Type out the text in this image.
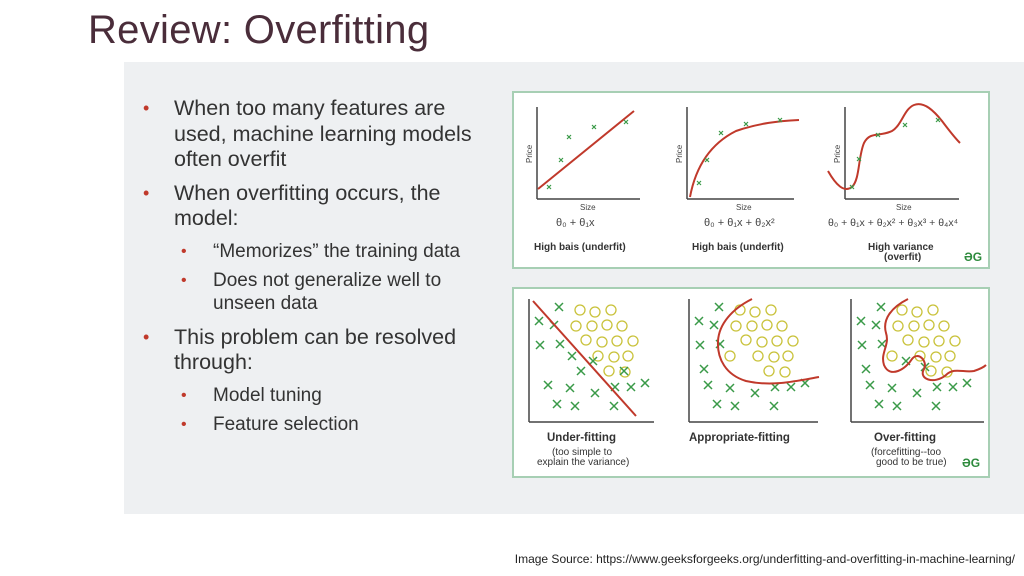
Review: Overfitting
• When too many features are used, machine learning models often overfit
• When overfitting occurs, the model:
• “Memorizes” the training data
• Does not generalize well to unseen data
• This problem can be resolved through:
• Model tuning
• Feature selection
Price
Size
θ₀ + θ₁x
High bais (underfit)
Price
Size
θ₀ + θ₁x + θ₂x²
High bais (underfit)
Price
Size
θ₀ + θ₁x + θ₂x² + θ₃x³ + θ₄x⁴
High variance
(overfit)	ƏG
Under-fitting
(too simple to
explain the variance)
Appropriate-fitting	Over-fitting
(forcefitting--too
good to be true) ƏG
Image Source: https://www.geeksforgeeks.org/underfitting-and-overfitting-in-machine-learning/
